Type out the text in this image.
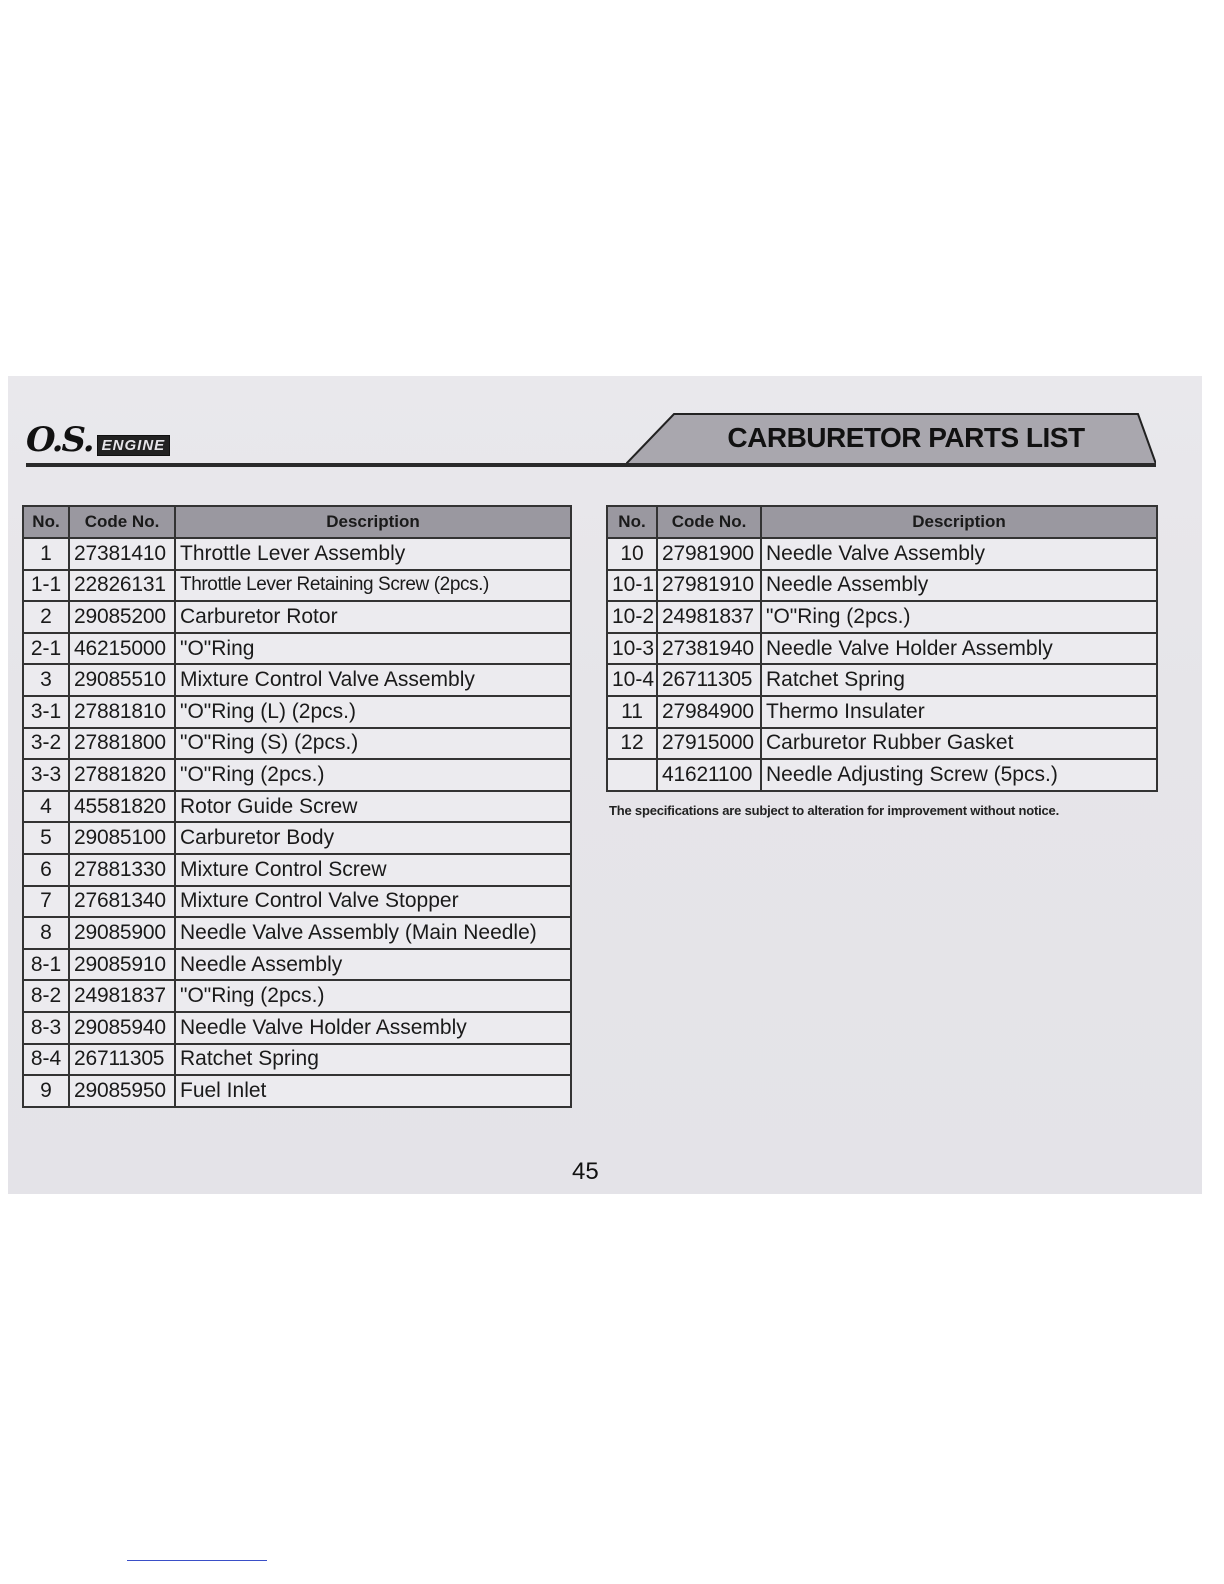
O.S. ENGINE	CARBURETOR PARTS LIST
No.	Code No.	Description
1	27381410	Throttle Lever Assembly
1-1	22826131	Throttle Lever Retaining Screw (2pcs.)
2	29085200	Carburetor Rotor
2-1	46215000	"O"Ring
3	29085510	Mixture Control Valve Assembly
3-1	27881810	"O"Ring (L) (2pcs.)
3-2	27881800	"O"Ring (S) (2pcs.)
3-3	27881820	"O"Ring (2pcs.)
4	45581820	Rotor Guide Screw
5	29085100	Carburetor Body
6	27881330	Mixture Control Screw
7	27681340	Mixture Control Valve Stopper
8	29085900	Needle Valve Assembly (Main Needle)
8-1	29085910	Needle Assembly
8-2	24981837	"O"Ring (2pcs.)
8-3	29085940	Needle Valve Holder Assembly
8-4	26711305	Ratchet Spring
9	29085950	Fuel Inlet
No.	Code No.	Description
10	27981900	Needle Valve Assembly
10-1	27981910	Needle Assembly
10-2	24981837	"O"Ring (2pcs.)
10-3	27381940	Needle Valve Holder Assembly
10-4	26711305	Ratchet Spring
11	27984900	Thermo Insulater
12	27915000	Carburetor Rubber Gasket
	41621100	Needle Adjusting Screw (5pcs.)
The specifications are subject to alteration for improvement without notice.
45
